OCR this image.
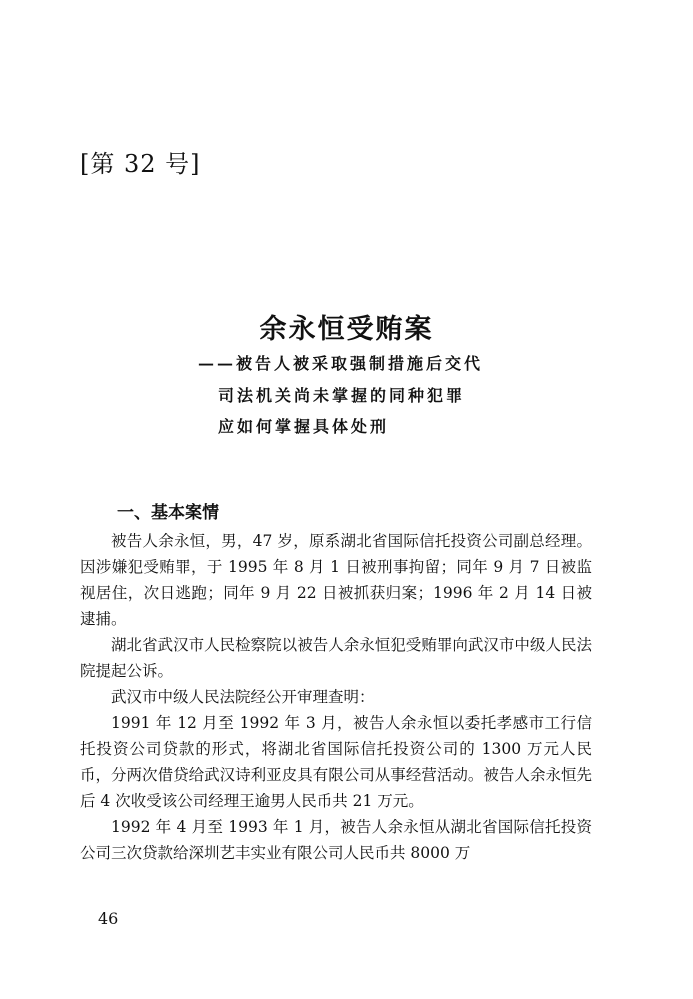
[第 32 号]
余永恒受贿案
——被告人被采取强制措施后交代
司法机关尚未掌握的同种犯罪
应如何掌握具体处刑
一、基本案情

被告人余永恒，男，47 岁，原系湖北省国际信托投资公司副总经理。因涉嫌犯受贿罪，于 1995 年 8 月 1 日被刑事拘留；同年 9 月 7 日被监视居住，次日逃跑；同年 9 月 22 日被抓获归案；1996 年 2 月 14 日被逮捕。

湖北省武汉市人民检察院以被告人余永恒犯受贿罪向武汉市中级人民法院提起公诉。

武汉市中级人民法院经公开审理查明：

1991 年 12 月至 1992 年 3 月，被告人余永恒以委托孝感市工行信托投资公司贷款的形式，将湖北省国际信托投资公司的 1300 万元人民币，分两次借贷给武汉诗利亚皮具有限公司从事经营活动。被告人余永恒先后 4 次收受该公司经理王逾男人民币共 21 万元。

1992 年 4 月至 1993 年 1 月，被告人余永恒从湖北省国际信托投资公司三次贷款给深圳艺丰实业有限公司人民币共 8000 万

46
